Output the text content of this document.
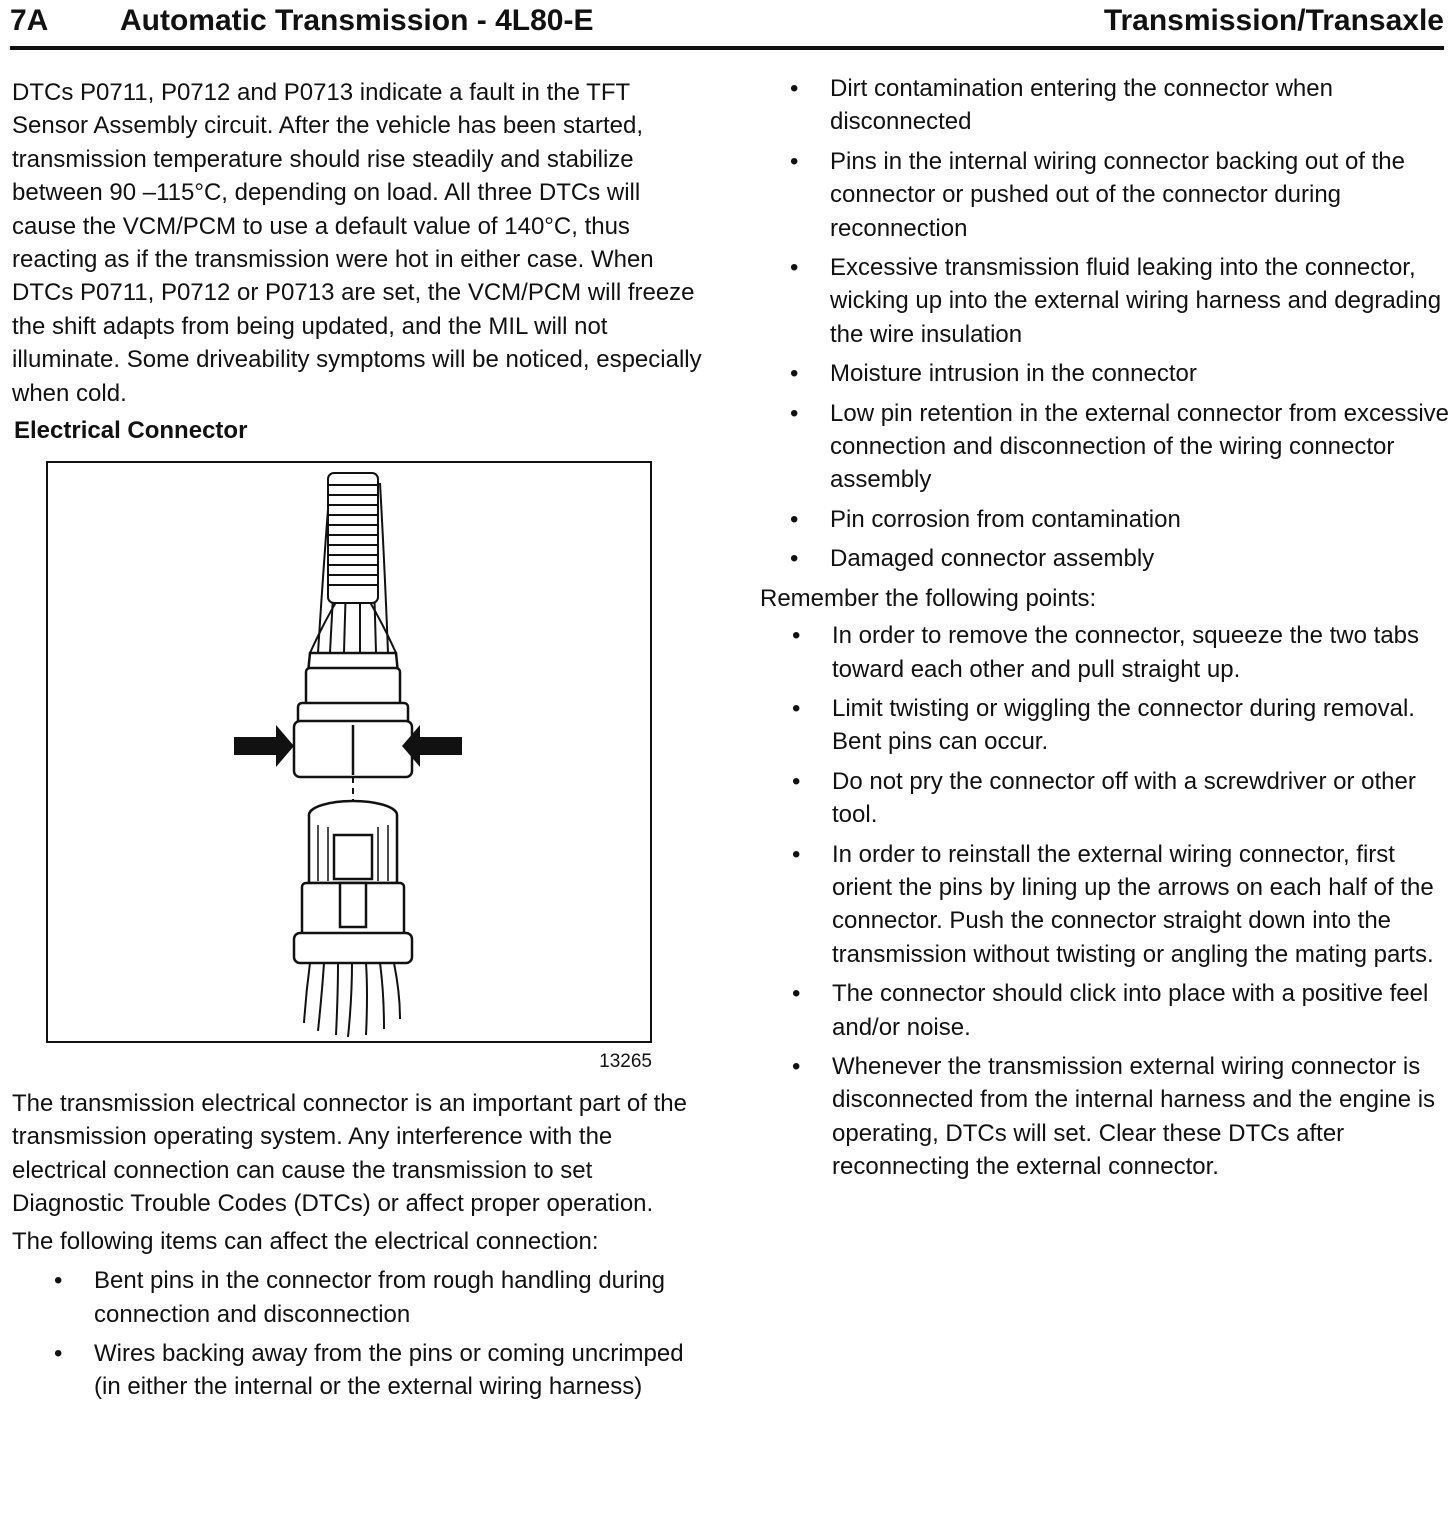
7A Automatic Transmission - 4L80-E	Transmission/Transaxle

DTCs P0711, P0712 and P0713 indicate a fault in the TFT Sensor Assembly circuit. After the vehicle has been started, transmission temperature should rise steadily and stabilize between 90 –115°C, depending on load. All three DTCs will cause the VCM/PCM to use a default value of 140°C, thus reacting as if the transmission were hot in either case. When DTCs P0711, P0712 or P0713 are set, the VCM/PCM will freeze the shift adapts from being updated, and the MIL will not illuminate. Some driveability symptoms will be noticed, especially when cold.

Electrical Connector
13265

The transmission electrical connector is an important part of the transmission operating system. Any interference with the electrical connection can cause the transmission to set Diagnostic Trouble Codes (DTCs) or affect proper operation.

The following items can affect the electrical connection:

• Bent pins in the connector from rough handling during connection and disconnection
• Wires backing away from the pins or coming uncrimped (in either the internal or the external wiring harness)
• Dirt contamination entering the connector when disconnected
• Pins in the internal wiring connector backing out of the connector or pushed out of the connector during reconnection
• Excessive transmission fluid leaking into the connector, wicking up into the external wiring harness and degrading the wire insulation
• Moisture intrusion in the connector
• Low pin retention in the external connector from excessive connection and disconnection of the wiring connector assembly
• Pin corrosion from contamination
• Damaged connector assembly

Remember the following points:

• In order to remove the connector, squeeze the two tabs toward each other and pull straight up.
• Limit twisting or wiggling the connector during removal. Bent pins can occur.
• Do not pry the connector off with a screwdriver or other tool.
• In order to reinstall the external wiring connector, first orient the pins by lining up the arrows on each half of the connector. Push the connector straight down into the transmission without twisting or angling the mating parts.
• The connector should click into place with a positive feel and/or noise.
• Whenever the transmission external wiring connector is disconnected from the internal harness and the engine is operating, DTCs will set. Clear these DTCs after reconnecting the external connector.
